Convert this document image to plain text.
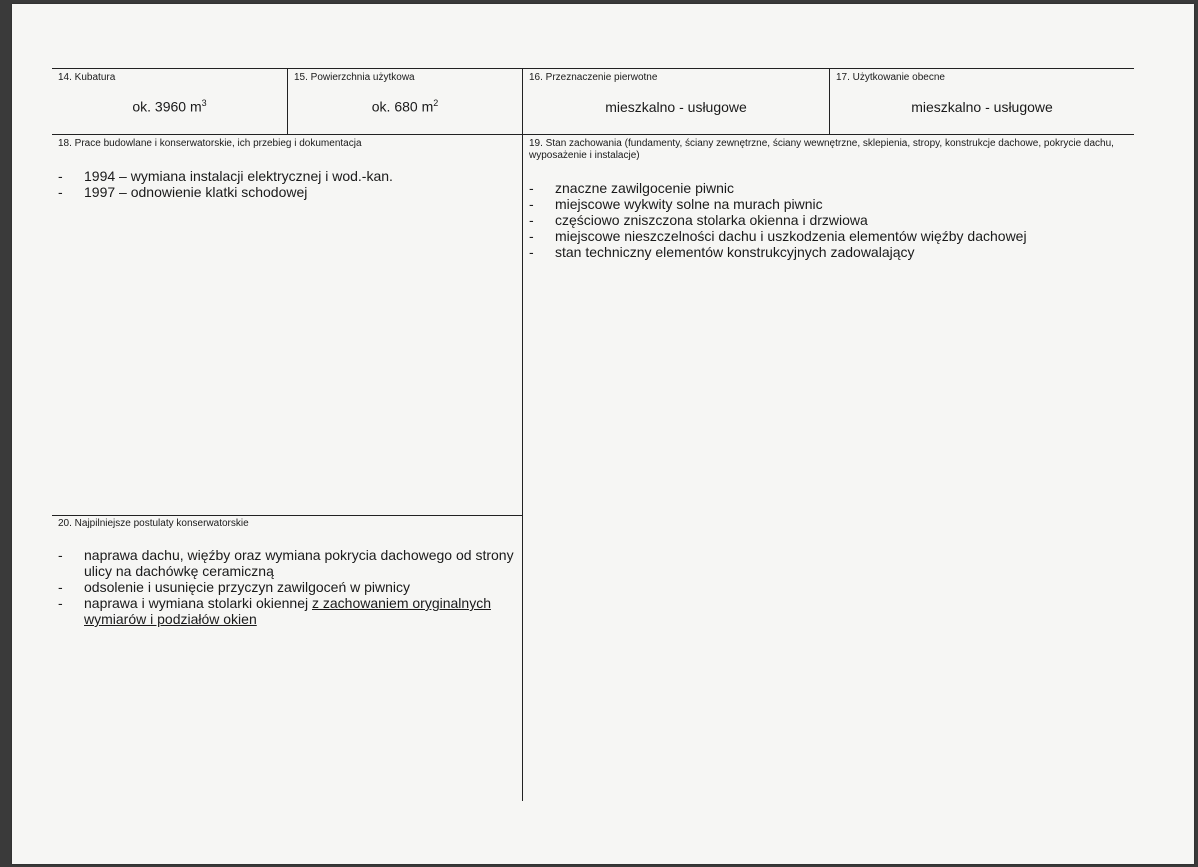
14. Kubatura
ok. 3960 $m^3$
15. Powierzchnia użytkowa
ok. 680 $m^2$
16. Przeznaczenie pierwotne
mieszkalno - usługowe
17. Użytkowanie obecne
mieszkalno - usługowe
18. Prace budowlane i konserwatorskie, ich przebieg i dokumentacja
- 1994 – wymiana instalacji elektrycznej i wod.-kan.
- 1997 – odnowienie klatki schodowej
19. Stan zachowania (fundamenty, ściany zewnętrzne, ściany wewnętrzne, sklepienia, stropy, konstrukcje dachowe, pokrycie dachu, wyposażenie i instalacje)
- znaczne zawilgocenie piwnic
- miejscowe wykwity solne na murach piwnic
- częściowo zniszczona stolarka okienna i drzwiowa
- miejscowe nieszczelności dachu i uszkodzenia elementów więźby dachowej
- stan techniczny elementów konstrukcyjnych zadowalający
20. Najpilniejsze postulaty konserwatorskie
- naprawa dachu, więźby oraz wymiana pokrycia dachowego od strony ulicy na dachówkę ceramiczną
- odsolenie i usunięcie przyczyn zawilgoceń w piwnicy
- naprawa i wymiana stolarki okiennej z zachowaniem oryginalnych wymiarów i podziałów okien
